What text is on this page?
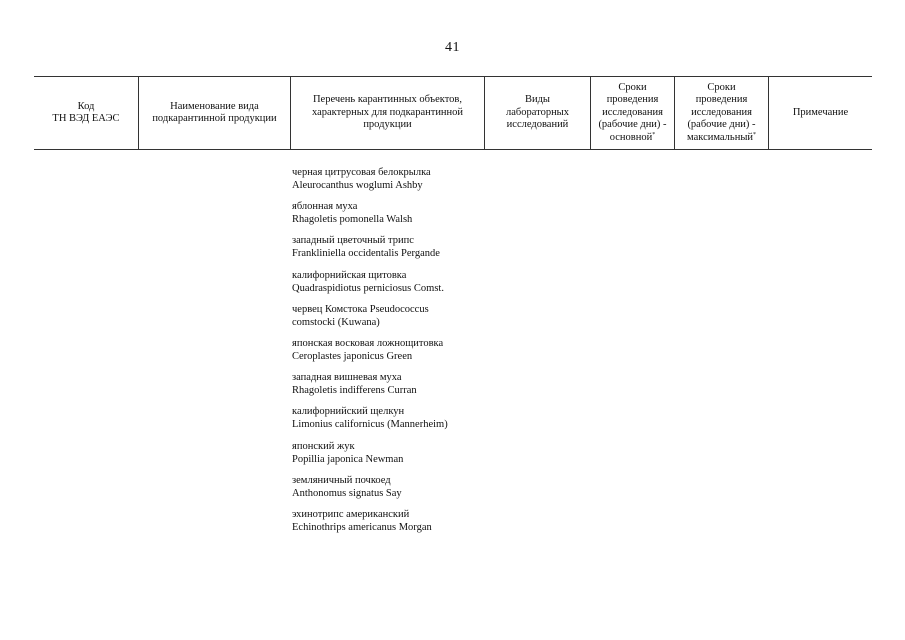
41
Код
ТН ВЭД ЕАЭС
Наименование вида
подкарантинной продукции
Перечень карантинных объектов,
характерных для подкарантинной
продукции
Виды
лабораторных
исследований
Сроки
проведения
исследования
(рабочие дни) -
основной*
Сроки
проведения
исследования
(рабочие дни) -
максимальный*
Примечание
черная цитрусовая белокрылка
Aleurocanthus woglumi Ashby
яблонная муха
Rhagoletis pomonella Walsh
западный цветочный трипс
Frankliniella occidentalis Pergande
калифорнийская щитовка
Quadraspidiotus perniciosus Comst.
червец Комстока Pseudococcus
comstocki (Kuwana)
японская восковая ложнощитовка
Ceroplastes japonicus Green
западная вишневая муха
Rhagoletis indifferens Curran
калифорнийский щелкун
Limonius californicus (Mannerheim)
японский жук
Popillia japonica Newman
земляничный почкоед
Anthonomus signatus Say
эхинотрипс американский
Echinothrips americanus Morgan
